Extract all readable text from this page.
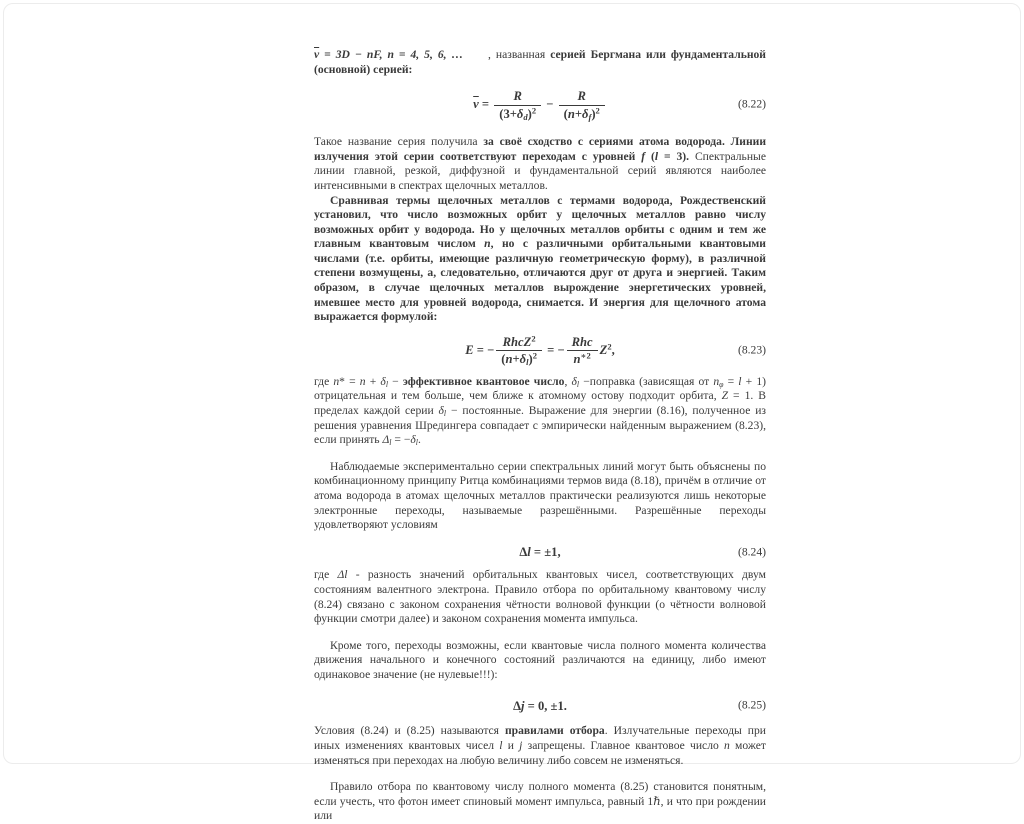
$\overline{\nu} = 3D$ − nF, n = 4, 5, 6, …     , названная серией Бергмана или фундаментальной (основной) серией:

$\overline{\nu} = \frac{R}{(3+\delta_d)^2} - \frac{R}{(n+\delta_f)^2}$	(8.22)

Такое название серия получила за своё сходство с сериями атома водорода. Линии излучения этой серии соответствуют переходам с уровней f (l = 3). Спектральные линии главной, резкой, диффузной и фундаментальной серий являются наиболее интенсивными в спектрах щелочных металлов.

Сравнивая термы щелочных металлов с термами водорода, Рождественский установил, что число возможных орбит у щелочных металлов равно числу возможных орбит у водорода. Но у щелочных металлов орбиты с одним и тем же главным квантовым числом n, но с различными орбитальными квантовыми числами (т.е. орбиты, имеющие различную геометрическую форму), в различной степени возмущены, а, следовательно, отличаются друг от друга и энергией. Таким образом, в случае щелочных металлов вырождение энергетических уровней, имевшее место для уровней водорода, снимается. И энергия для щелочного атома выражается формулой:

E = − $\frac{RhcZ^2}{(n+\delta_l)^2}$ = − $\frac{\text{Rhc}}{n^{∗2}} Z^2$,	(8.23)

где $n* = n + \delta_l$ − эффективное квантовое число, $\delta_l$ −поправка (зависящая от $n_\varphi = l + 1$) отрицательная и тем больше, чем ближе к атомному остову подходит орбита, Z = 1. В пределах каждой серии $\delta_l$ − постоянные. Выражение для энергии (8.16), полученное из решения уравнения Шредингера совпадает с эмпирически найденным выражением (8.23), если принять $\Delta_l = -\delta_l$.

Наблюдаемые экспериментально серии спектральных линий могут быть объяснены по комбинационному принципу Ритца комбинациями термов вида (8.18), причём в отличие от атома водорода в атомах щелочных металлов практически реализуются лишь некоторые электронные переходы, называемые разрешёнными. Разрешённые переходы удовлетворяют условиям

Δl = ±1,	(8.24)

где Δl - разность значений орбитальных квантовых чисел, соответствующих двум состояниям валентного электрона. Правило отбора по орбитальному квантовому числу (8.24) связано с законом сохранения чётности волновой функции (о чётности волновой функции смотри далее) и законом сохранения момента импульса.

Кроме того, переходы возможны, если квантовые числа полного момента количества движения начального и конечного состояний различаются на единицу, либо имеют одинаковое значение (не нулевые!!!):

Δj = 0, ±1.	(8.25)

Условия (8.24) и (8.25) называются правилами отбора. Излучательные переходы при иных изменениях квантовых чисел l и j запрещены. Главное квантовое число n может изменяться при переходах на любую величину либо совсем не изменяться.

Правило отбора по квантовому числу полного момента (8.25) становится понятным, если учесть, что фотон имеет спиновый момент импульса, равный 1ℏ, и что при рождении или
